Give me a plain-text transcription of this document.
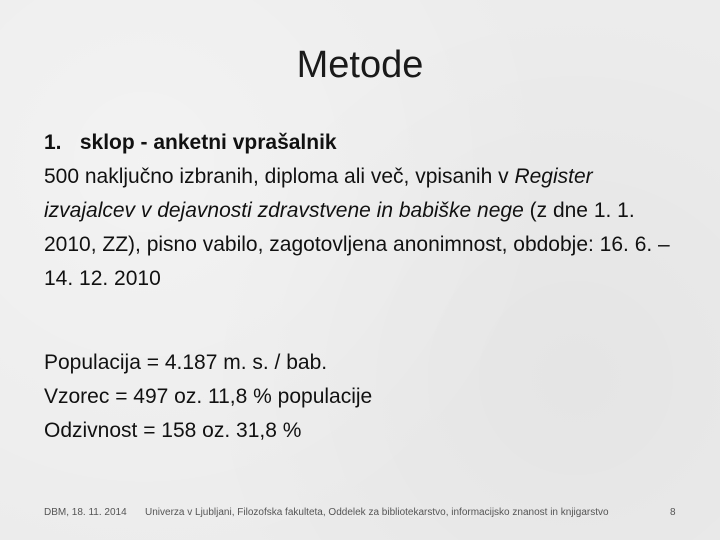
Metode
1. sklop - anketni vprašalnik

500 naključno izbranih, diploma ali več, vpisanih v Register izvajalcev v dejavnosti zdravstvene in babiške nege (z dne 1. 1. 2010, ZZ), pisno vabilo, zagotovljena anonimnost, obdobje: 16. 6. – 14. 12. 2010

Populacija = 4.187 m. s. / bab.
Vzorec = 497 oz. 11,8 % populacije
Odzivnost = 158 oz. 31,8 %
DBM, 18. 11. 2014 Univerza v Ljubljani, Filozofska fakulteta, Oddelek za bibliotekarstvo, informacijsko znanost in knjigarstvo	8
